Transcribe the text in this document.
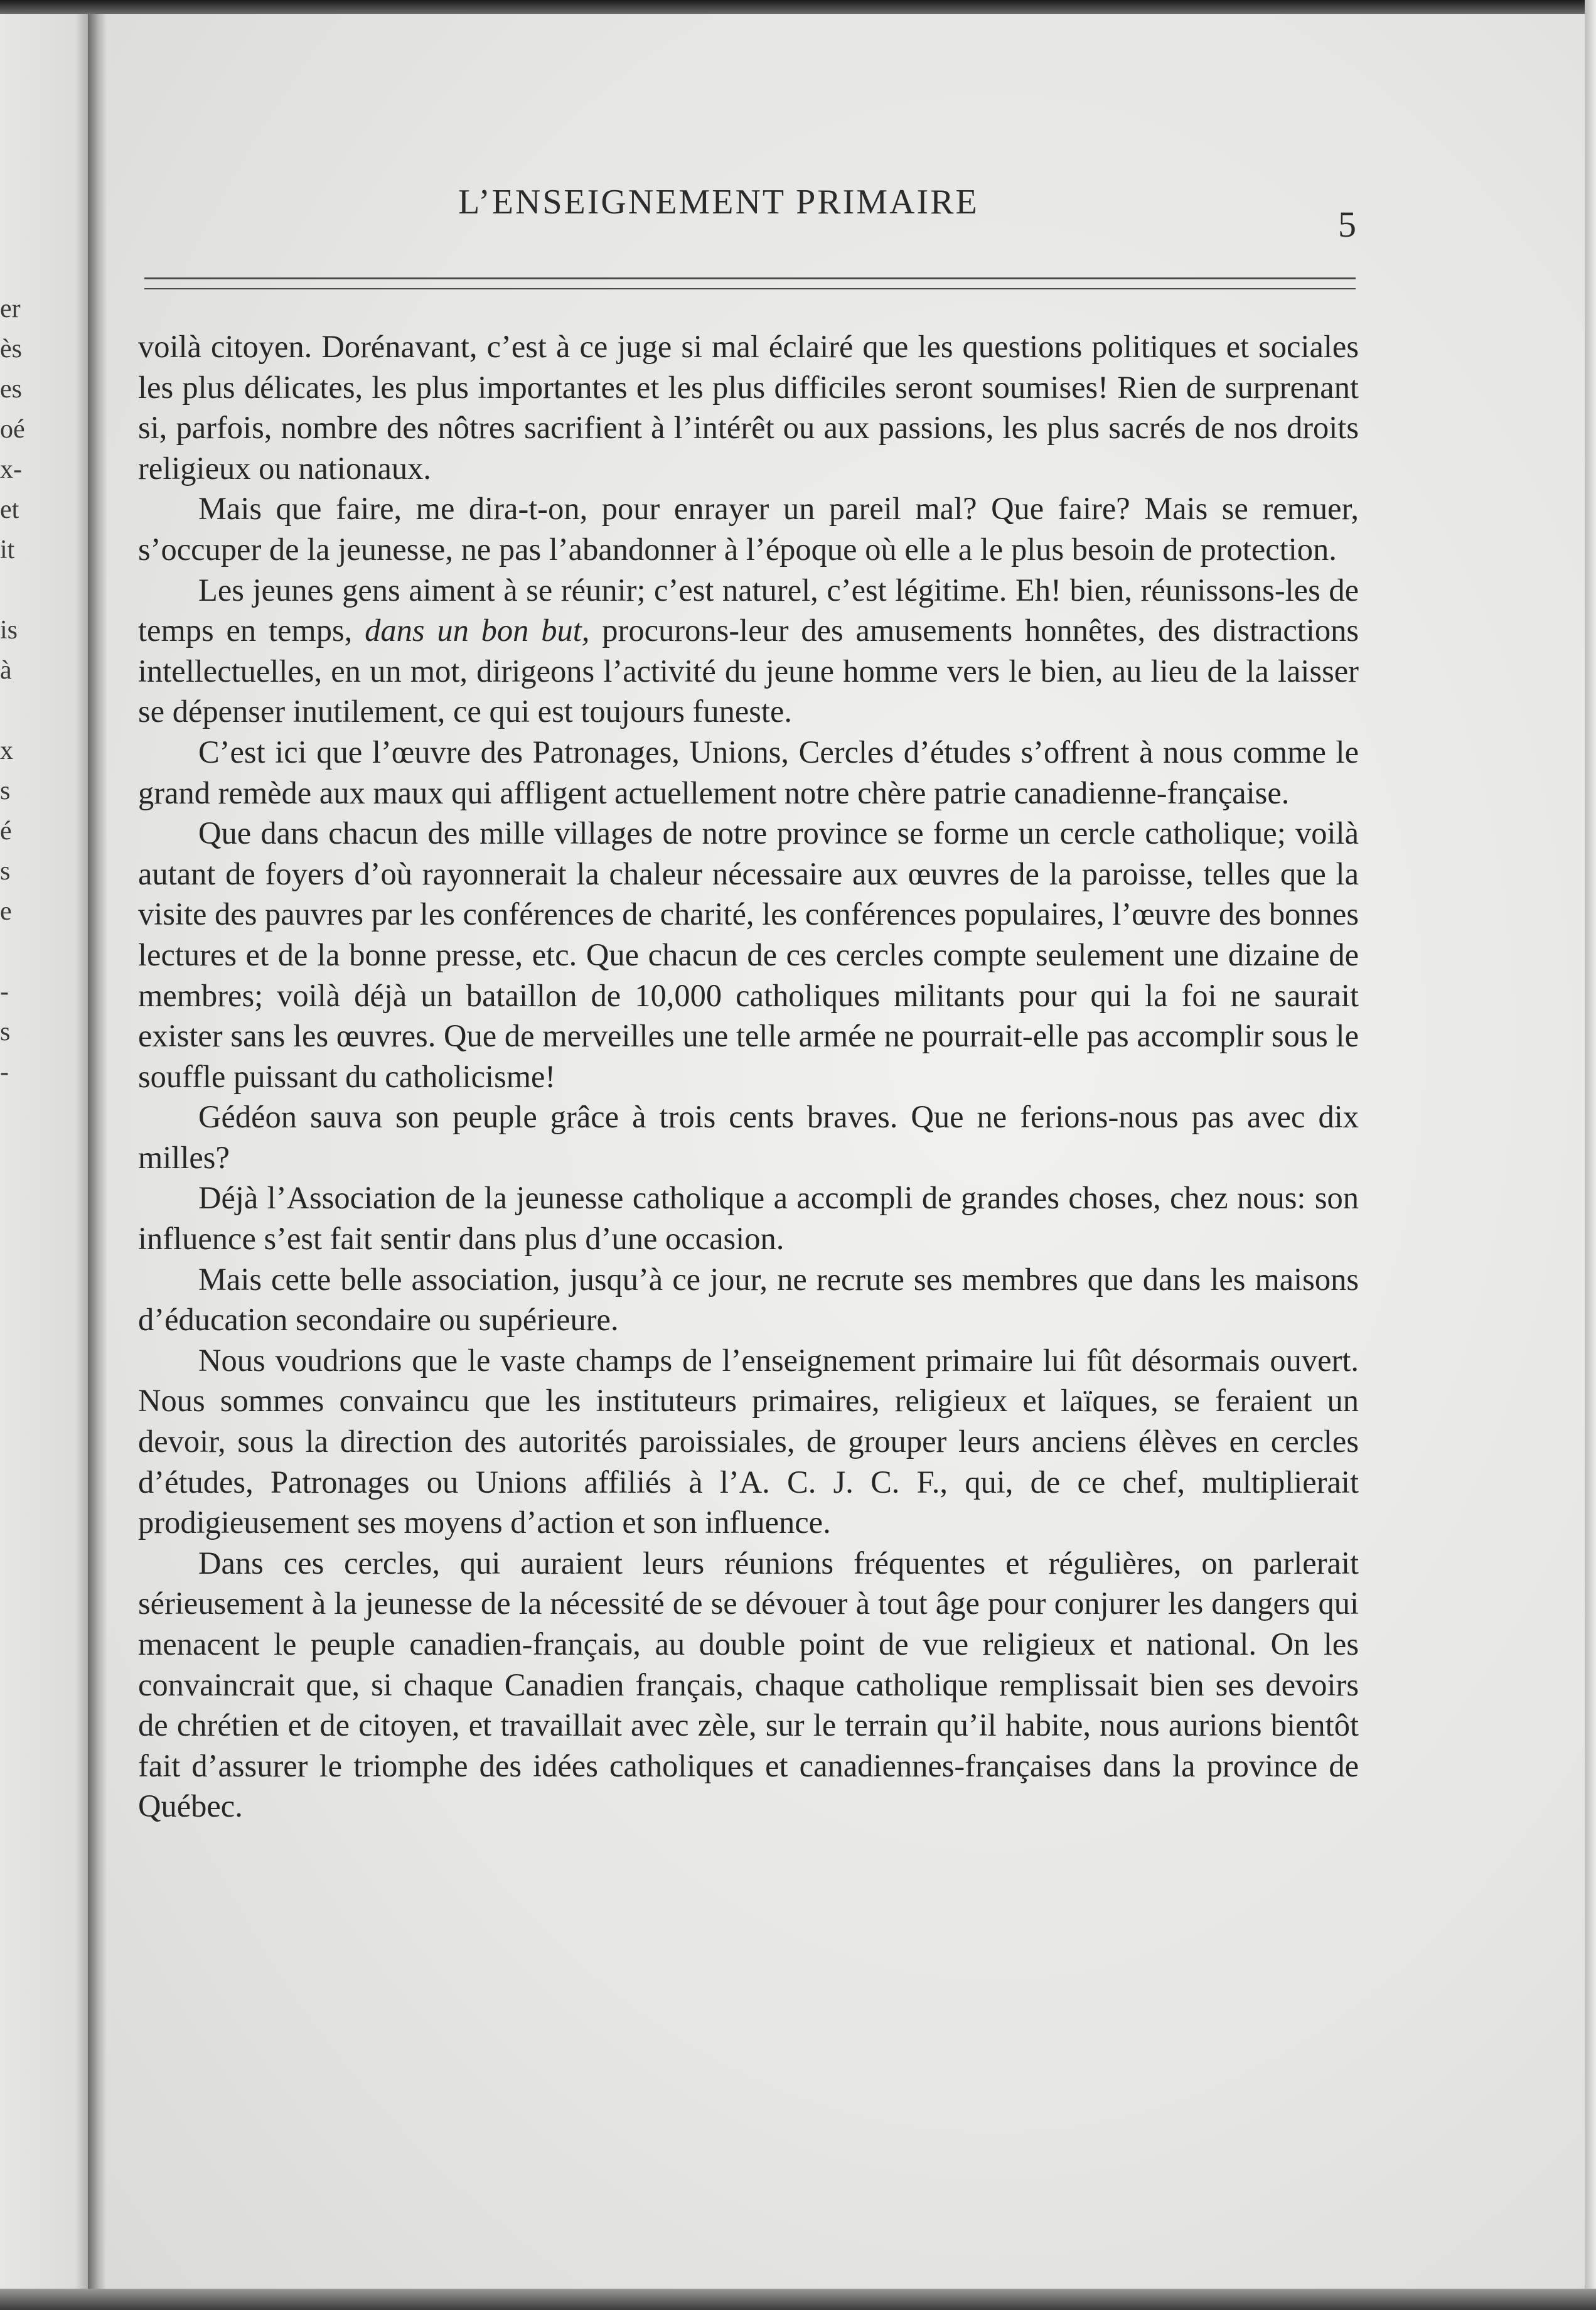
er
ès
es
oé
x-
et
it
is
à
x
s
é
s
e
-
s
-
L’ENSEIGNEMENT PRIMAIRE
5

voilà citoyen. Dorénavant, c’est à ce juge si mal éclairé que les questions politiques et sociales les plus délicates, les plus importantes et les plus difficiles seront soumises! Rien de surprenant si, parfois, nombre des nôtres sacrifient à l’intérêt ou aux passions, les plus sacrés de nos droits religieux ou nationaux.

Mais que faire, me dira-t-on, pour enrayer un pareil mal? Que faire? Mais se remuer, s’occuper de la jeunesse, ne pas l’abandonner à l’époque où elle a le plus besoin de protection.

Les jeunes gens aiment à se réunir; c’est naturel, c’est légitime. Eh! bien, réunissons-les de temps en temps, dans un bon but, procurons-leur des amusements honnêtes, des distractions intellectuelles, en un mot, dirigeons l’activité du jeune homme vers le bien, au lieu de la laisser se dépenser inutilement, ce qui est toujours funeste.

C’est ici que l’œuvre des Patronages, Unions, Cercles d’études s’offrent à nous comme le grand remède aux maux qui affligent actuellement notre chère patrie canadienne-française.

Que dans chacun des mille villages de notre province se forme un cercle catholique; voilà autant de foyers d’où rayonnerait la chaleur nécessaire aux œuvres de la paroisse, telles que la visite des pauvres par les conférences de charité, les conférences populaires, l’œuvre des bonnes lectures et de la bonne presse, etc. Que chacun de ces cercles compte seulement une dizaine de membres; voilà déjà un bataillon de 10,000 catholiques militants pour qui la foi ne saurait exister sans les œuvres. Que de merveilles une telle armée ne pourrait-elle pas accomplir sous le souffle puissant du catholicisme!

Gédéon sauva son peuple grâce à trois cents braves. Que ne ferions-nous pas avec dix milles?

Déjà l’Association de la jeunesse catholique a accompli de grandes choses, chez nous: son influence s’est fait sentir dans plus d’une occasion.

Mais cette belle association, jusqu’à ce jour, ne recrute ses membres que dans les maisons d’éducation secondaire ou supérieure.

Nous voudrions que le vaste champs de l’enseignement primaire lui fût désormais ouvert. Nous sommes convaincu que les instituteurs primaires, religieux et laïques, se feraient un devoir, sous la direction des autorités paroissiales, de grouper leurs anciens élèves en cercles d’études, Patronages ou Unions affiliés à l’A. C. J. C. F., qui, de ce chef, multiplierait prodigieusement ses moyens d’action et son influence.

Dans ces cercles, qui auraient leurs réunions fréquentes et régulières, on parlerait sérieusement à la jeunesse de la nécessité de se dévouer à tout âge pour conjurer les dangers qui menacent le peuple canadien-français, au double point de vue religieux et national. On les convaincrait que, si chaque Canadien français, chaque catholique remplissait bien ses devoirs de chrétien et de citoyen, et travaillait avec zèle, sur le terrain qu’il habite, nous aurions bientôt fait d’assurer le triomphe des idées catholiques et canadiennes-françaises dans la province de Québec.
